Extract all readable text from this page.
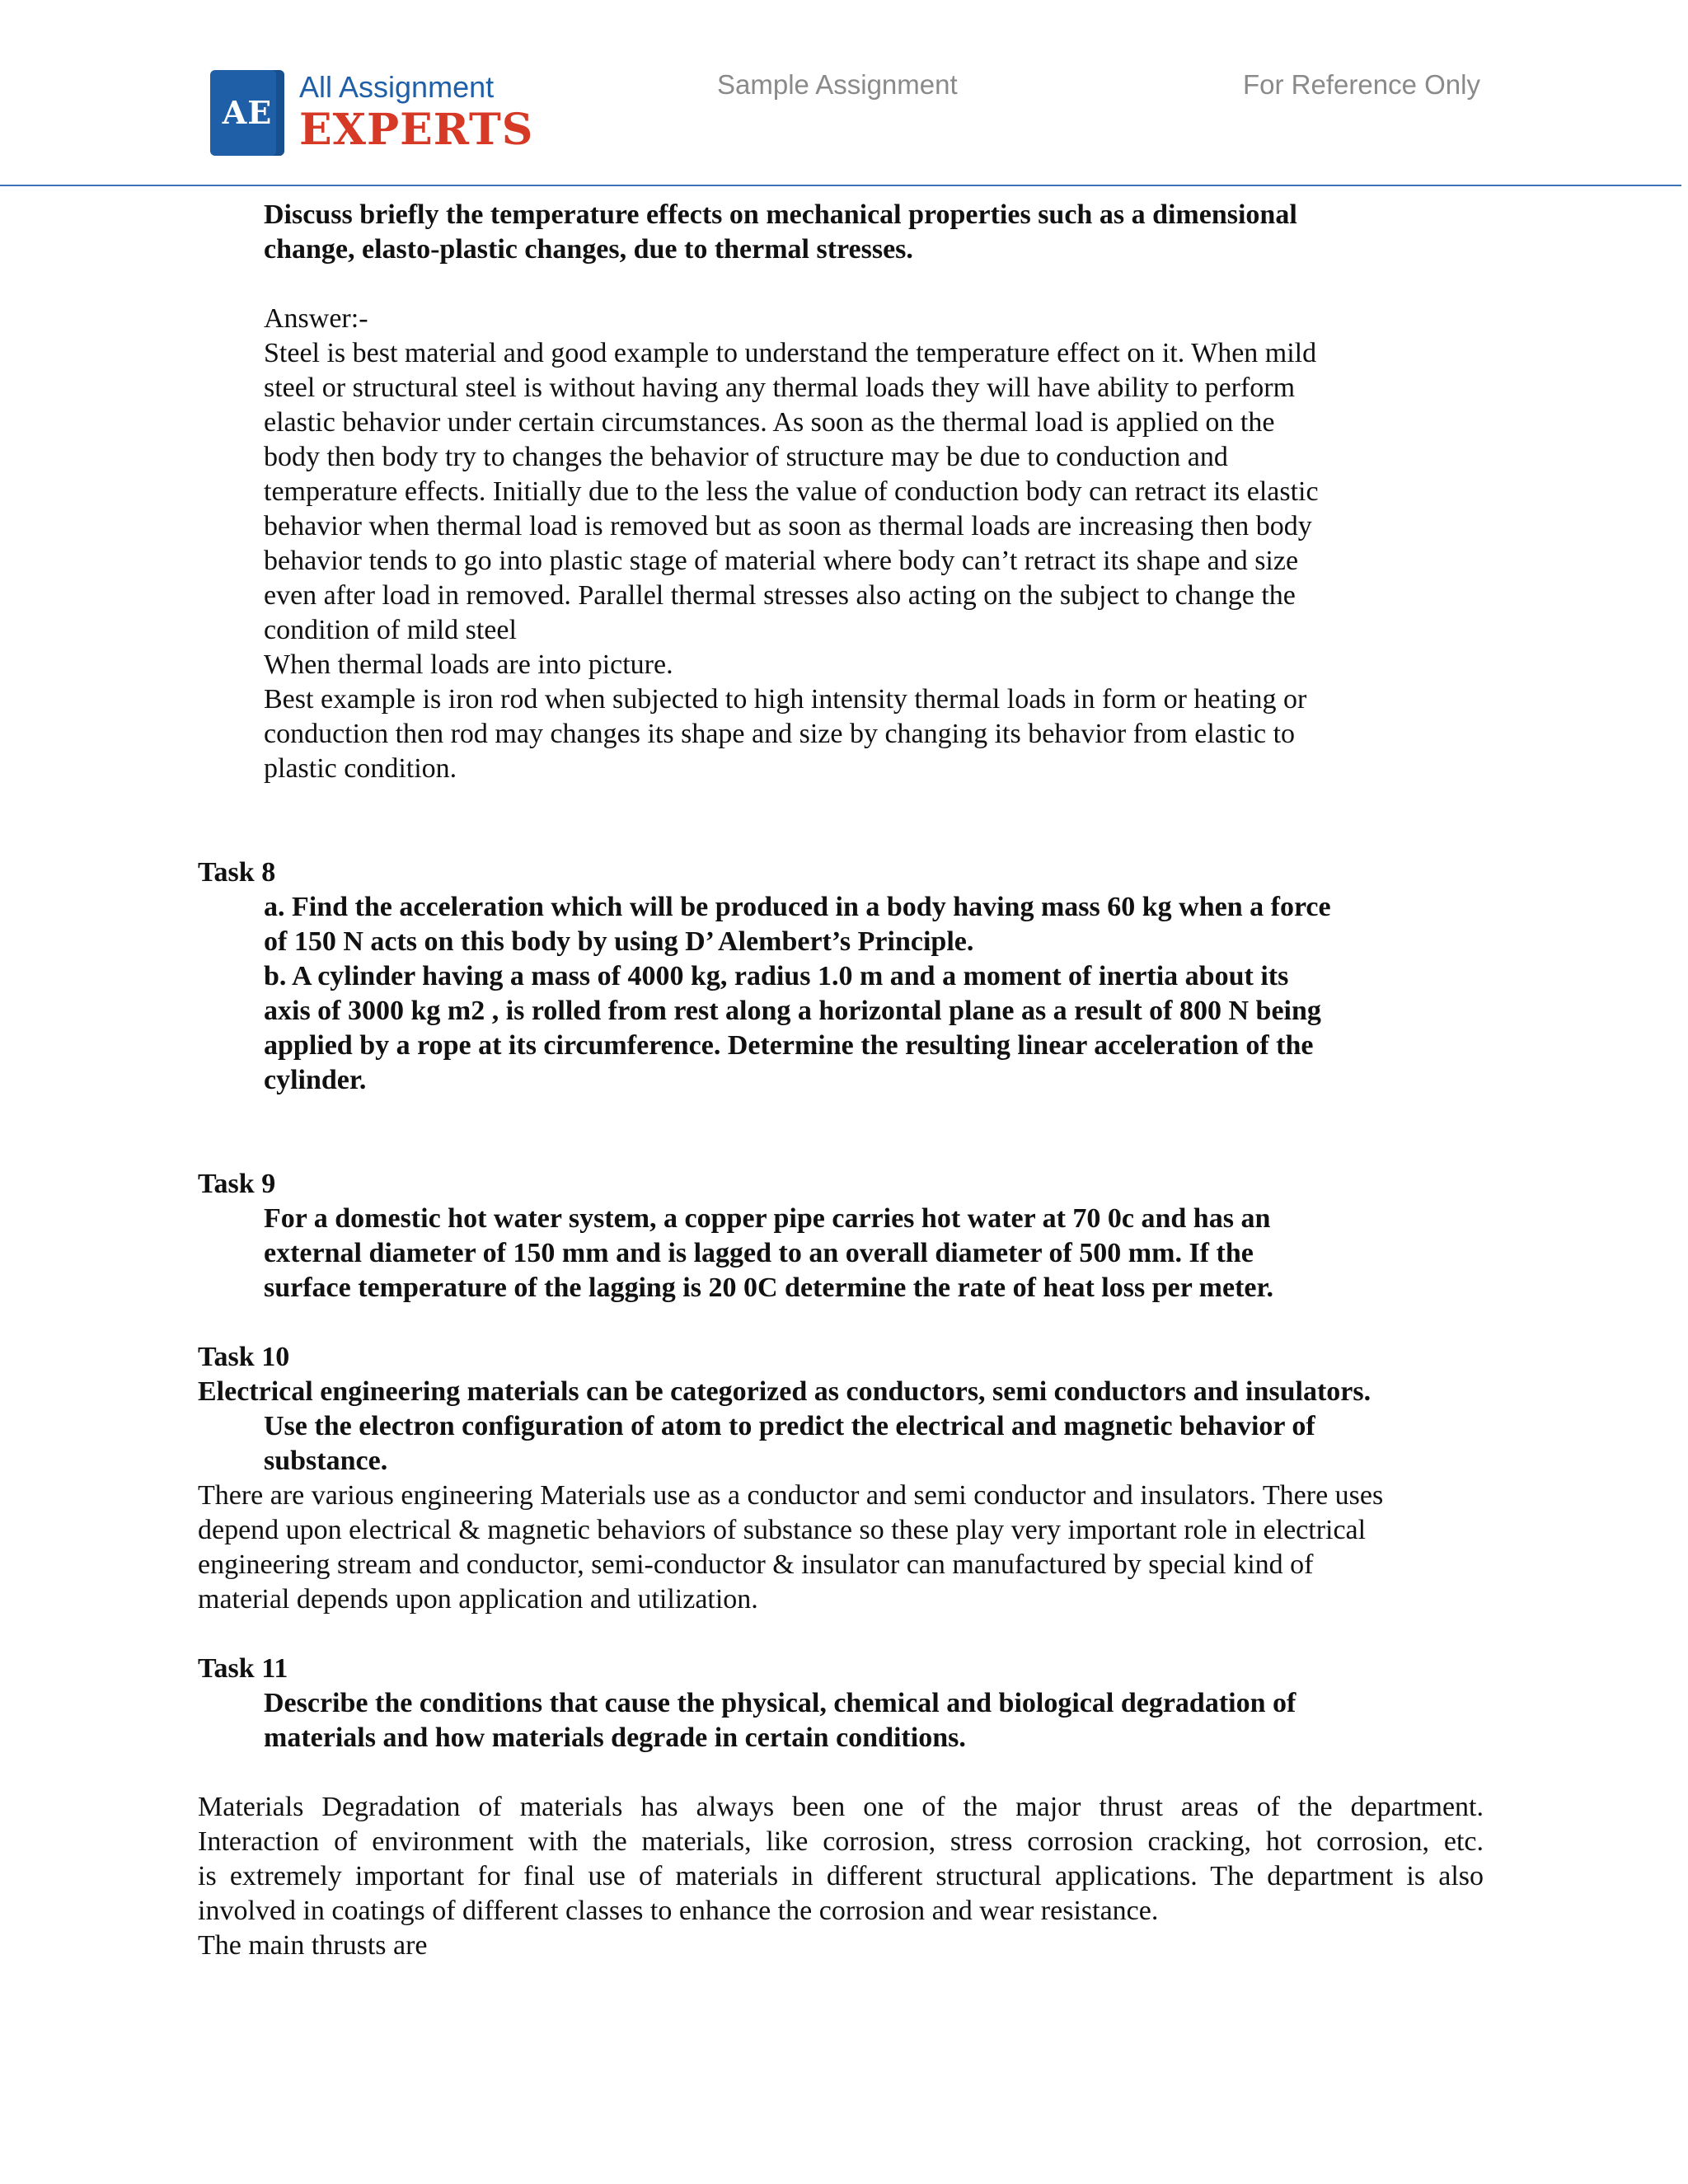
AE
All Assignment
EXPERTS
Sample Assignment	For Reference Only
Discuss briefly the temperature effects on mechanical properties such as a dimensional
change, elasto-plastic changes, due to thermal stresses.
Answer:-
Steel is best material and good example to understand the temperature effect on it. When mild
steel or structural steel is without having any thermal loads they will have ability to perform
elastic behavior under certain circumstances. As soon as the thermal load is applied on the
body then body try to changes the behavior of structure may be due to conduction and
temperature effects. Initially due to the less the value of conduction body can retract its elastic
behavior when thermal load is removed but as soon as thermal loads are increasing then body
behavior tends to go into plastic stage of material where body can’t retract its shape and size
even after load in removed. Parallel thermal stresses also acting on the subject to change the
condition of mild steel
When thermal loads are into picture.
Best example is iron rod when subjected to high intensity thermal loads in form or heating or
conduction then rod may changes its shape and size by changing its behavior from elastic to
plastic condition.
Task 8
a. Find the acceleration which will be produced in a body having mass 60 kg when a force
of 150 N acts on this body by using D’ Alembert’s Principle.
b. A cylinder having a mass of 4000 kg, radius 1.0 m and a moment of inertia about its
axis of 3000 kg m2 , is rolled from rest along a horizontal plane as a result of 800 N being
applied by a rope at its circumference. Determine the resulting linear acceleration of the
cylinder.
Task 9
For a domestic hot water system, a copper pipe carries hot water at 70 0c and has an
external diameter of 150 mm and is lagged to an overall diameter of 500 mm. If the
surface temperature of the lagging is 20 0C determine the rate of heat loss per meter.
Task 10
Electrical engineering materials can be categorized as conductors, semi conductors and insulators.
Use the electron configuration of atom to predict the electrical and magnetic behavior of
substance.
There are various engineering Materials use as a conductor and semi conductor and insulators. There uses
depend upon electrical & magnetic behaviors of substance so these play very important role in electrical
engineering stream and conductor, semi-conductor & insulator can manufactured by special kind of
material depends upon application and utilization.
Task 11
Describe the conditions that cause the physical, chemical and biological degradation of
materials and how materials degrade in certain conditions.
Materials Degradation of materials has always been one of the major thrust areas of the department.
Interaction of environment with the materials, like corrosion, stress corrosion cracking, hot corrosion, etc.
is extremely important for final use of materials in different structural applications. The department is also
involved in coatings of different classes to enhance the corrosion and wear resistance.
The main thrusts are
